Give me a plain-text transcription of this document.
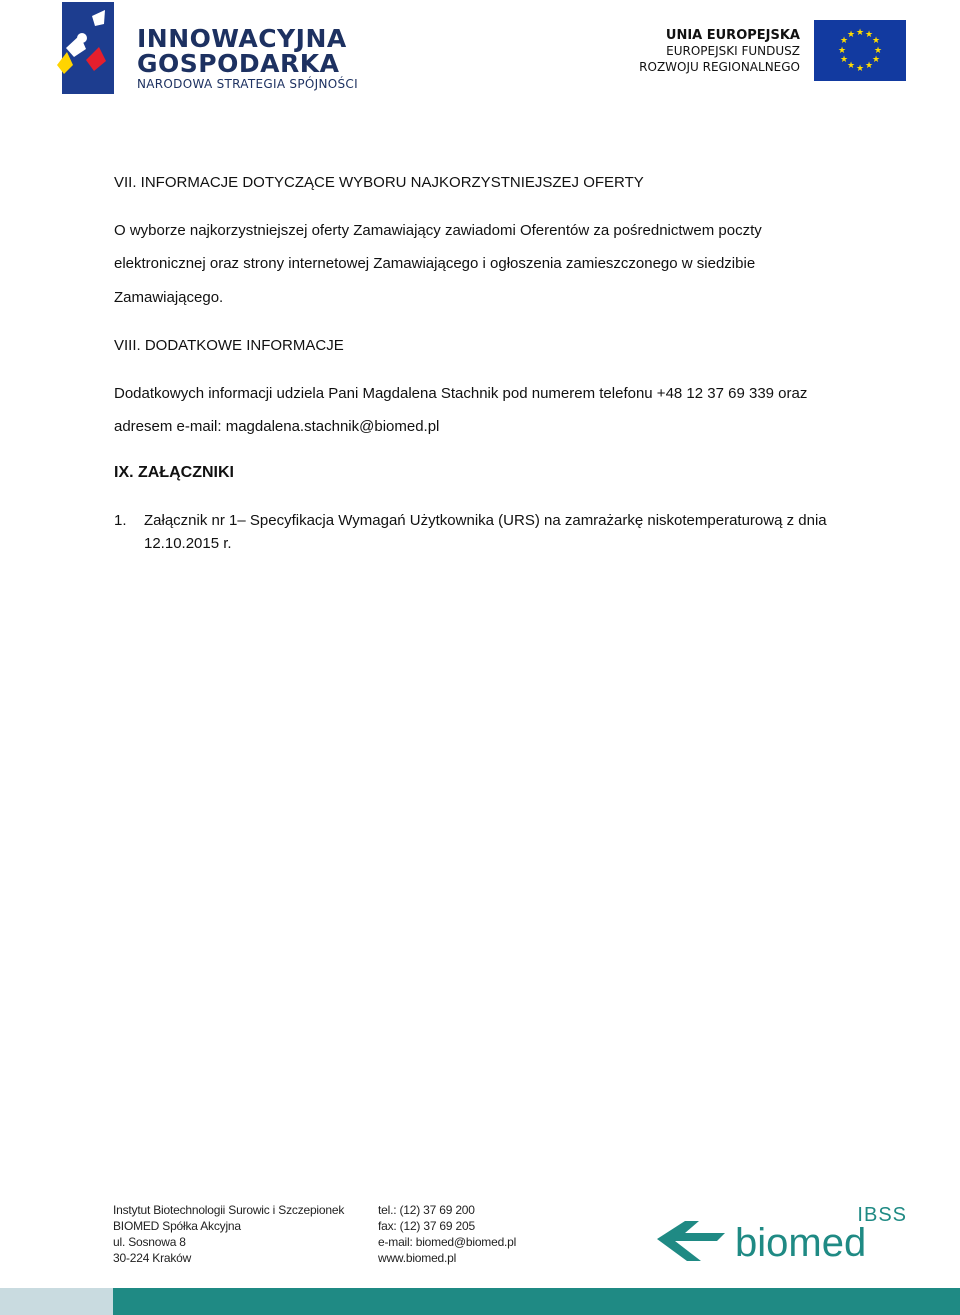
INNOWACYJNA
GOSPODARKA
NARODOWA STRATEGIA SPÓJNOŚCI
UNIA EUROPEJSKA
EUROPEJSKI FUNDUSZ
ROZWOJU REGIONALNEGO
★ ★
★
★
★
★
★
★
★
★
★
★
VII. INFORMACJE DOTYCZĄCE WYBORU NAJKORZYSTNIEJSZEJ OFERTY
O wyborze najkorzystniejszej oferty Zamawiający zawiadomi Oferentów za pośrednictwem poczty
elektronicznej oraz strony internetowej Zamawiającego i ogłoszenia zamieszczonego w siedzibie
Zamawiającego.
VIII. DODATKOWE INFORMACJE
Dodatkowych informacji udziela Pani Magdalena Stachnik pod numerem telefonu +48 12 37 69 339 oraz
adresem e-mail: magdalena.stachnik@biomed.pl
IX. ZAŁĄCZNIKI
1. Załącznik nr 1– Specyfikacja Wymagań Użytkownika (URS) na zamrażarkę niskotemperaturową z dnia
12.10.2015 r.
Instytut Biotechnologii Surowic i Szczepionek
BIOMED Spółka Akcyjna
ul. Sosnowa 8
30-224 Kraków
tel.: (12) 37 69 200
fax: (12) 37 69 205
e-mail: biomed@biomed.pl
www.biomed.pl
IBSS
biomed
